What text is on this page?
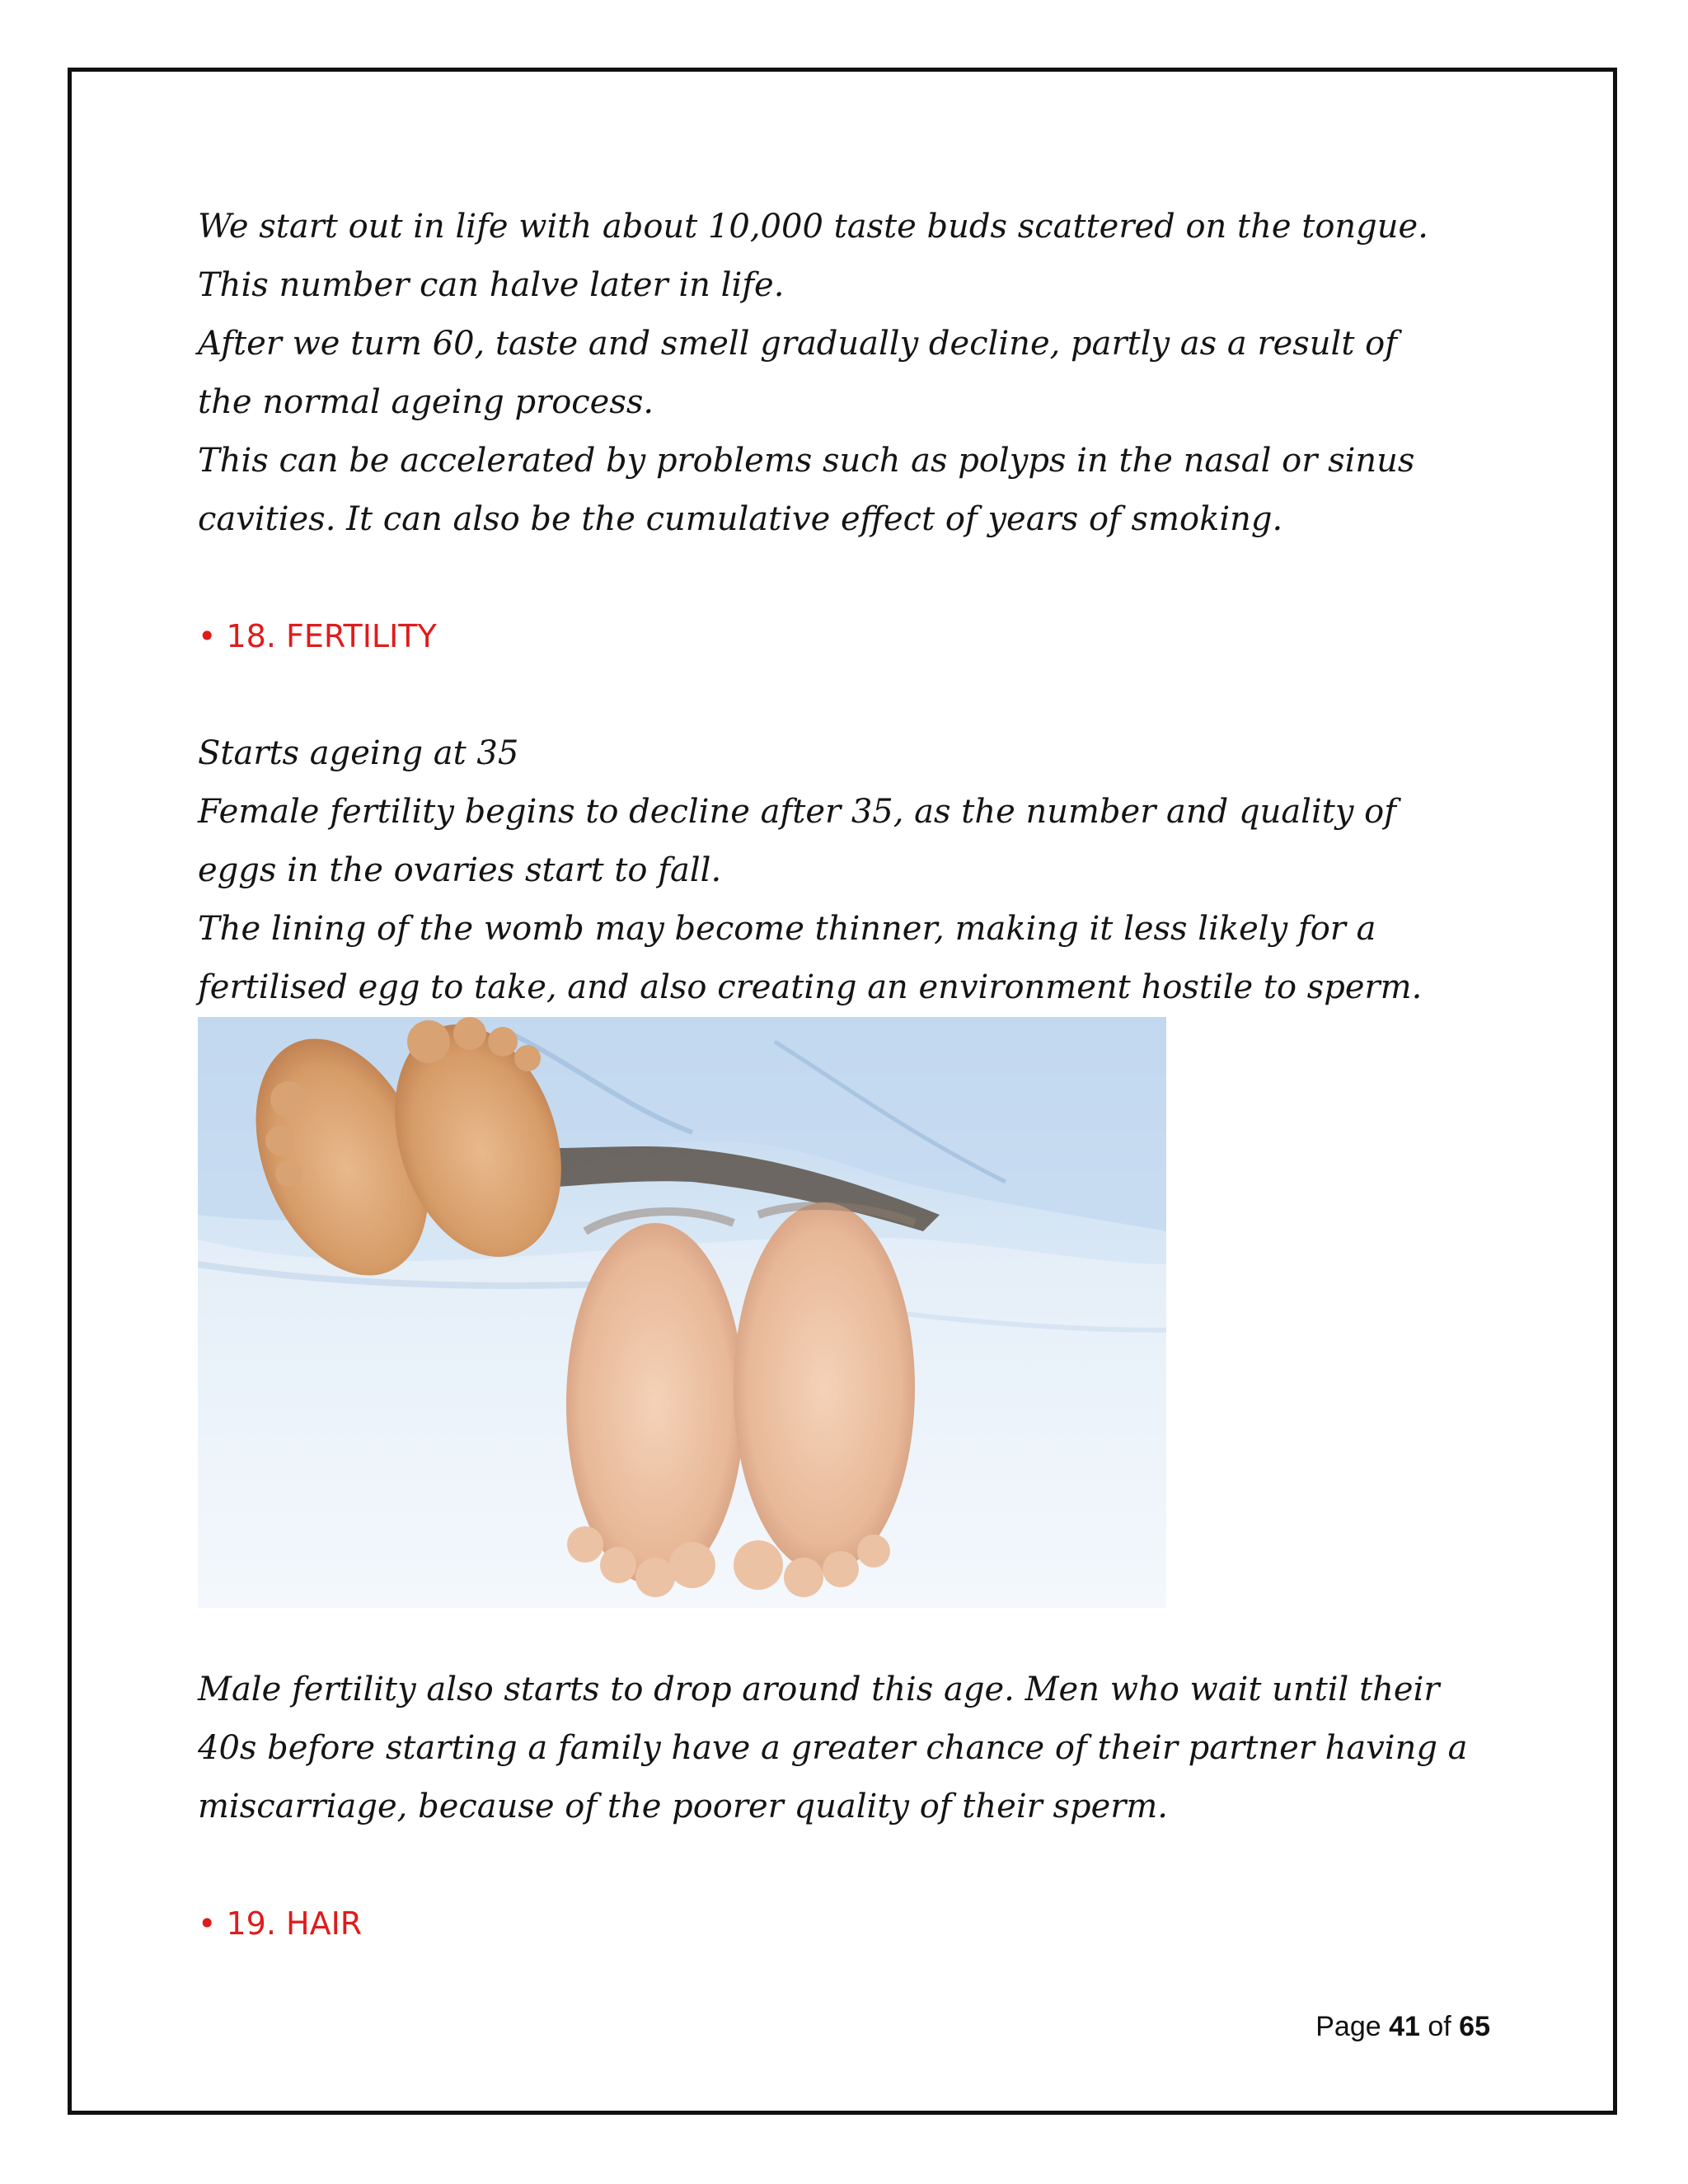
We start out in life with about 10,000 taste buds scattered on the tongue.

This number can halve later in life.

After we turn 60, taste and smell gradually decline, partly as a result of

the normal ageing process.

This can be accelerated by problems such as polyps in the nasal or sinus

cavities. It can also be the cumulative effect of years of smoking.

• 18. FERTILITY

Starts ageing at 35

Female fertility begins to decline after 35, as the number and quality of

eggs in the ovaries start to fall.

The lining of the womb may become thinner, making it less likely for a

fertilised egg to take, and also creating an environment hostile to sperm.

Male fertility also starts to drop around this age. Men who wait until their

40s before starting a family have a greater chance of their partner having a

miscarriage, because of the poorer quality of their sperm.

• 19. HAIR

Page 41 of 65
